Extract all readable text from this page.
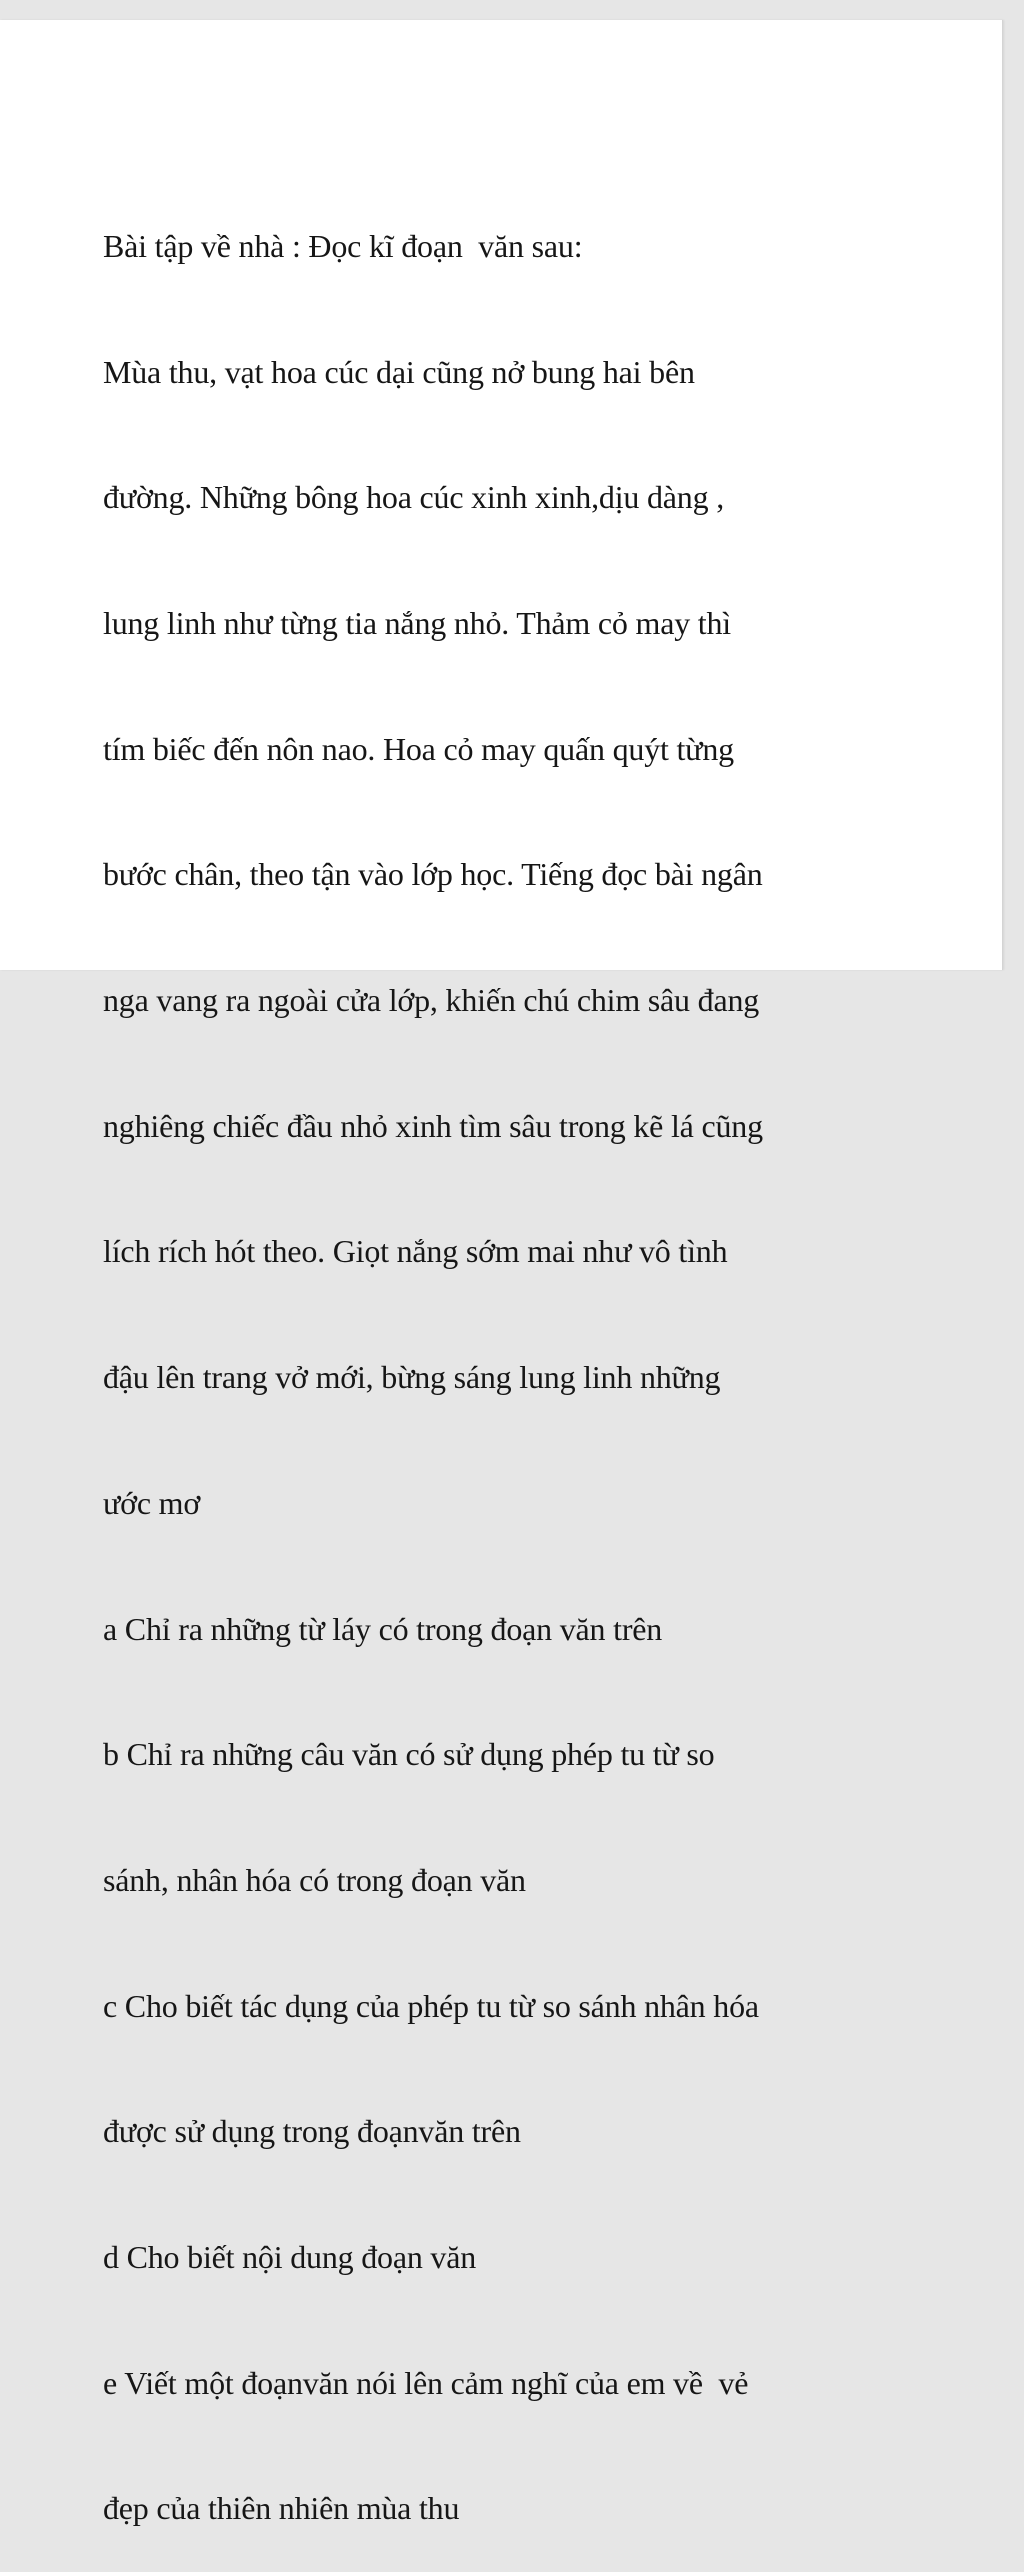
Bài tập về nhà : Đọc kĩ đoạn  văn sau:

Mùa thu, vạt hoa cúc dại cũng nở bung hai bên

đường. Những bông hoa cúc xinh xinh,dịu dàng ,

lung linh như từng tia nắng nhỏ. Thảm cỏ may thì

tím biếc đến nôn nao. Hoa cỏ may quấn quýt từng

bước chân, theo tận vào lớp học. Tiếng đọc bài ngân

nga vang ra ngoài cửa lớp, khiến chú chim sâu đang

nghiêng chiếc đầu nhỏ xinh tìm sâu trong kẽ lá cũng

lích rích hót theo. Giọt nắng sớm mai như vô tình

đậu lên trang vở mới, bừng sáng lung linh những

ước mơ

a Chỉ ra những từ láy có trong đoạn văn trên

b Chỉ ra những câu văn có sử dụng phép tu từ so

sánh, nhân hóa có trong đoạn văn

c Cho biết tác dụng của phép tu từ so sánh nhân hóa

được sử dụng trong đoạnvăn trên

d Cho biết nội dung đoạn văn

e Viết một đoạnvăn nói lên cảm nghĩ của em về  vẻ

đẹp của thiên nhiên mùa thu
